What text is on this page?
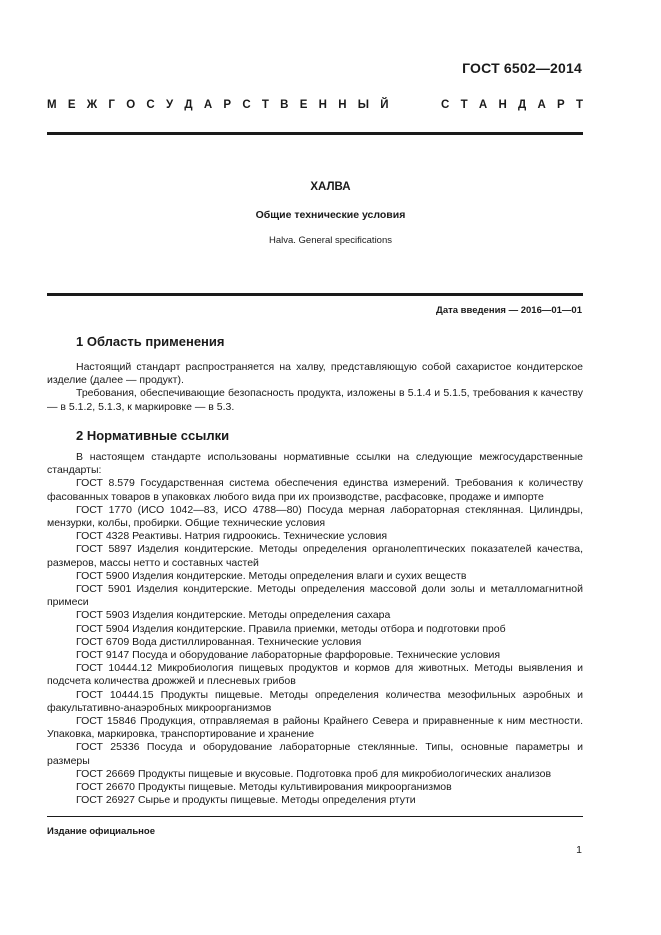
ГОСТ 6502—2014
М Е Ж Г О С У Д А Р С Т В Е Н Н Ы Й	С Т А Н Д А Р Т
ХАЛВА
Общие технические условия
Halva. General specifications
Дата введения — 2016—01—01
1 Область применения

Настоящий стандарт распространяется на халву, представляющую собой сахаристое кондитерское изделие (далее — продукт).

Требования, обеспечивающие безопасность продукта, изложены в 5.1.4 и 5.1.5, требования к качеству — в 5.1.2, 5.1.3, к маркировке — в 5.3.

2 Нормативные ссылки

В настоящем стандарте использованы нормативные ссылки на следующие межгосударственные стандарты:

ГОСТ 8.579 Государственная система обеспечения единства измерений. Требования к количеству фасованных товаров в упаковках любого вида при их производстве, расфасовке, продаже и импорте

ГОСТ 1770 (ИСО 1042—83, ИСО 4788—80) Посуда мерная лабораторная стеклянная. Цилиндры, мензурки, колбы, пробирки. Общие технические условия

ГОСТ 4328 Реактивы. Натрия гидроокись. Технические условия

ГОСТ 5897 Изделия кондитерские. Методы определения органолептических показателей качества, размеров, массы нетто и составных частей

ГОСТ 5900 Изделия кондитерские. Методы определения влаги и сухих веществ

ГОСТ 5901 Изделия кондитерские. Методы определения массовой доли золы и металломагнитной примеси

ГОСТ 5903 Изделия кондитерские. Методы определения сахара

ГОСТ 5904 Изделия кондитерские. Правила приемки, методы отбора и подготовки проб

ГОСТ 6709 Вода дистиллированная. Технические условия

ГОСТ 9147 Посуда и оборудование лабораторные фарфоровые. Технические условия

ГОСТ 10444.12 Микробиология пищевых продуктов и кормов для животных. Методы выявления и подсчета количества дрожжей и плесневых грибов

ГОСТ 10444.15 Продукты пищевые. Методы определения количества мезофильных аэробных и факультативно-анаэробных микроорганизмов

ГОСТ 15846 Продукция, отправляемая в районы Крайнего Севера и приравненные к ним местности. Упаковка, маркировка, транспортирование и хранение

ГОСТ 25336 Посуда и оборудование лабораторные стеклянные. Типы, основные параметры и размеры

ГОСТ 26669 Продукты пищевые и вкусовые. Подготовка проб для микробиологических анализов

ГОСТ 26670 Продукты пищевые. Методы культивирования микроорганизмов

ГОСТ 26927 Сырье и продукты пищевые. Методы определения ртути

Издание официальное
1
